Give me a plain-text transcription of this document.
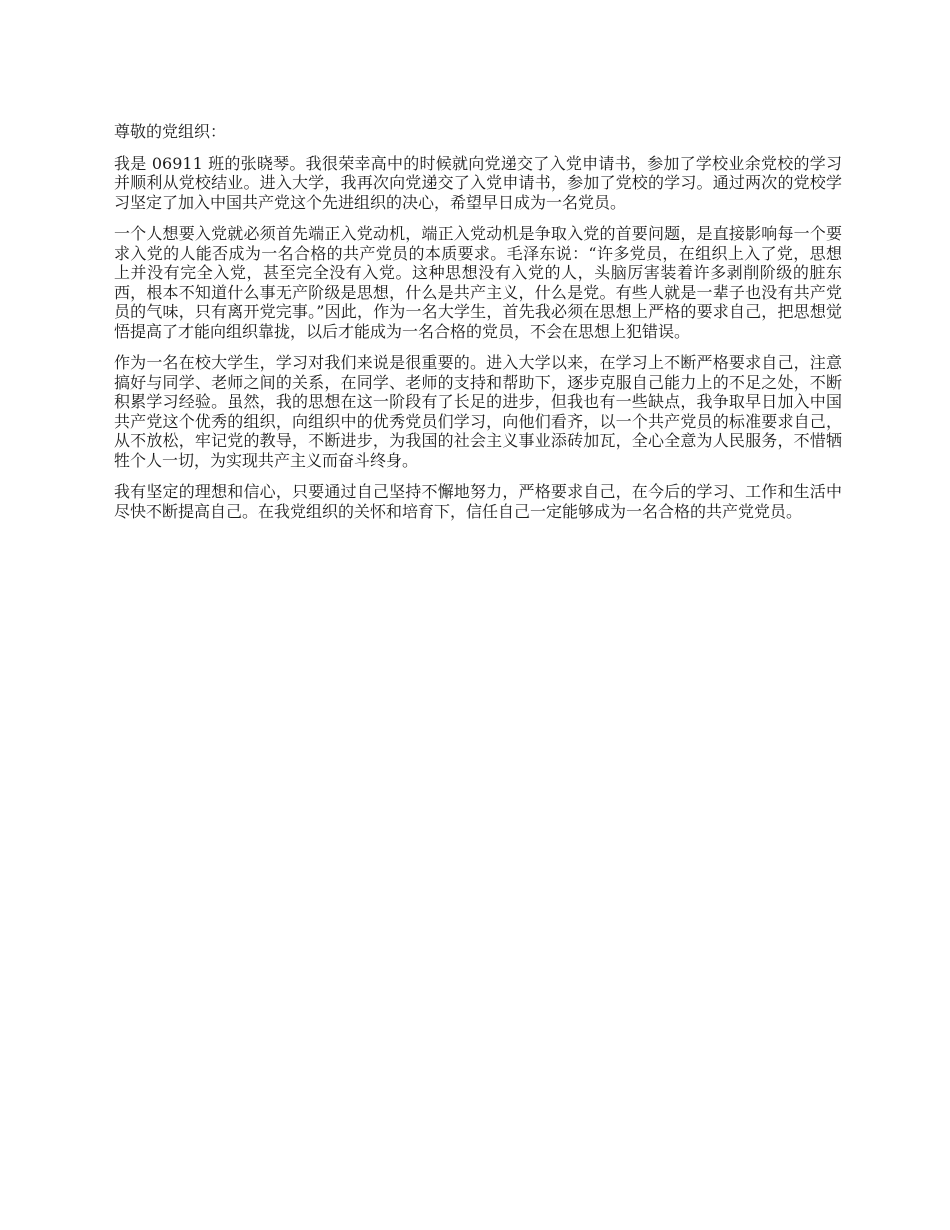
尊敬的党组织：

我是 06911 班的张晓琴。我很荣幸高中的时候就向党递交了入党申请书，参加了学校业余党校的学习并顺利从党校结业。进入大学，我再次向党递交了入党申请书，参加了党校的学习。通过两次的党校学习坚定了加入中国共产党这个先进组织的决心，希望早日成为一名党员。

一个人想要入党就必须首先端正入党动机，端正入党动机是争取入党的首要问题，是直接影响每一个要求入党的人能否成为一名合格的共产党员的本质要求。毛泽东说：“许多党员，在组织上入了党，思想上并没有完全入党，甚至完全没有入党。这种思想没有入党的人，头脑厉害装着许多剥削阶级的脏东西，根本不知道什么事无产阶级是思想，什么是共产主义，什么是党。有些人就是一辈子也没有共产党员的气味，只有离开党完事。”因此，作为一名大学生，首先我必须在思想上严格的要求自己，把思想觉悟提高了才能向组织靠拢，以后才能成为一名合格的党员，不会在思想上犯错误。

作为一名在校大学生，学习对我们来说是很重要的。进入大学以来，在学习上不断严格要求自己，注意搞好与同学、老师之间的关系，在同学、老师的支持和帮助下，逐步克服自己能力上的不足之处，不断积累学习经验。虽然，我的思想在这一阶段有了长足的进步，但我也有一些缺点，我争取早日加入中国共产党这个优秀的组织，向组织中的优秀党员们学习，向他们看齐，以一个共产党员的标准要求自己，从不放松，牢记党的教导，不断进步，为我国的社会主义事业添砖加瓦，全心全意为人民服务，不惜牺牲个人一切，为实现共产主义而奋斗终身。

我有坚定的理想和信心，只要通过自己坚持不懈地努力，严格要求自己，在今后的学习、工作和生活中尽快不断提高自己。在我党组织的关怀和培育下，信任自己一定能够成为一名合格的共产党党员。
